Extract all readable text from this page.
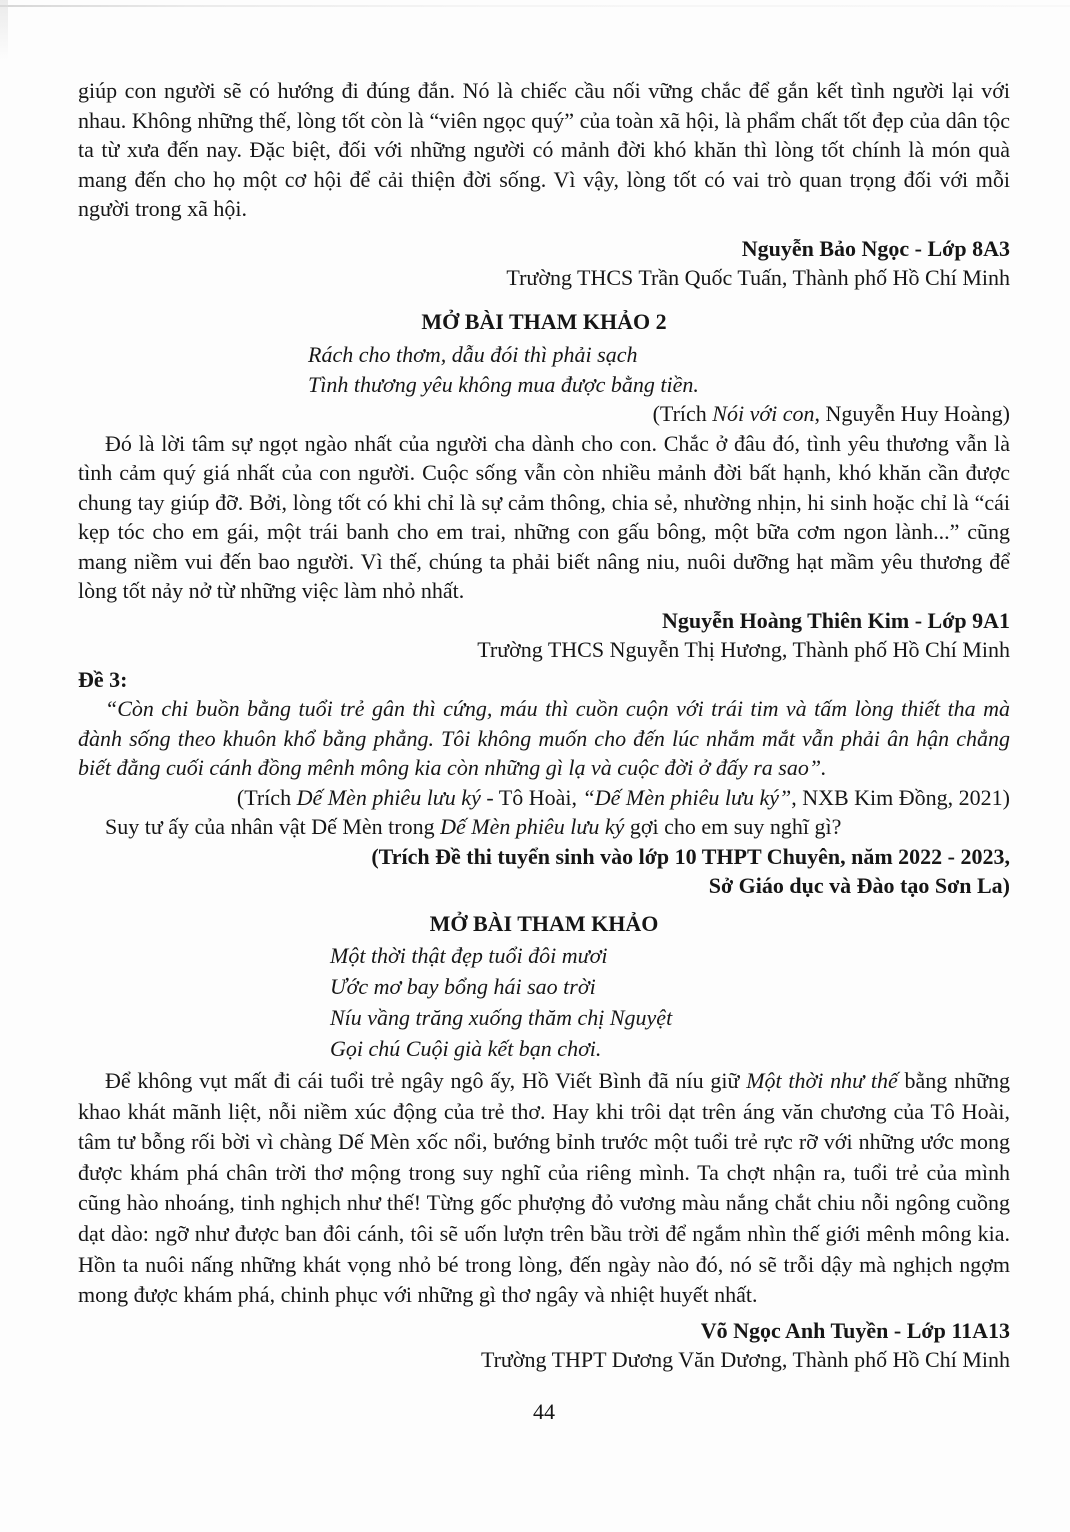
giúp con người sẽ có hướng đi đúng đắn. Nó là chiếc cầu nối vững chắc để gắn kết tình người lại với nhau. Không những thế, lòng tốt còn là “viên ngọc quý” của toàn xã hội, là phẩm chất tốt đẹp của dân tộc ta từ xưa đến nay. Đặc biệt, đối với những người có mảnh đời khó khăn thì lòng tốt chính là món quà mang đến cho họ một cơ hội để cải thiện đời sống. Vì vậy, lòng tốt có vai trò quan trọng đối với mỗi người trong xã hội.
Nguyễn Bảo Ngọc - Lớp 8A3
Trường THCS Trần Quốc Tuấn, Thành phố Hồ Chí Minh
MỞ BÀI THAM KHẢO 2
Rách cho thơm, dẫu đói thì phải sạch
Tình thương yêu không mua được bằng tiền.
(Trích Nói với con, Nguyễn Huy Hoàng)
Đó là lời tâm sự ngọt ngào nhất của người cha dành cho con. Chắc ở đâu đó, tình yêu thương vẫn là tình cảm quý giá nhất của con người. Cuộc sống vẫn còn nhiều mảnh đời bất hạnh, khó khăn cần được chung tay giúp đỡ. Bởi, lòng tốt có khi chỉ là sự cảm thông, chia sẻ, nhường nhịn, hi sinh hoặc chỉ là “cái kẹp tóc cho em gái, một trái banh cho em trai, những con gấu bông, một bữa cơm ngon lành...” cũng mang niềm vui đến bao người. Vì thế, chúng ta phải biết nâng niu, nuôi dưỡng hạt mầm yêu thương để lòng tốt nảy nở từ những việc làm nhỏ nhất.
Nguyễn Hoàng Thiên Kim - Lớp 9A1
Trường THCS Nguyễn Thị Hương, Thành phố Hồ Chí Minh
Đề 3:
“Còn chi buồn bằng tuổi trẻ gân thì cứng, máu thì cuồn cuộn với trái tim và tấm lòng thiết tha mà đành sống theo khuôn khổ bằng phẳng. Tôi không muốn cho đến lúc nhắm mắt vẫn phải ân hận chẳng biết đằng cuối cánh đồng mênh mông kia còn những gì lạ và cuộc đời ở đấy ra sao”.
(Trích Dế Mèn phiêu lưu ký - Tô Hoài, “Dế Mèn phiêu lưu ký”, NXB Kim Đồng, 2021)
Suy tư ấy của nhân vật Dế Mèn trong Dế Mèn phiêu lưu ký gợi cho em suy nghĩ gì?
(Trích Đề thi tuyển sinh vào lớp 10 THPT Chuyên, năm 2022 - 2023,
Sở Giáo dục và Đào tạo Sơn La)
MỞ BÀI THAM KHẢO
Một thời thật đẹp tuổi đôi mươi
Ước mơ bay bổng hái sao trời
Níu vầng trăng xuống thăm chị Nguyệt
Gọi chú Cuội già kết bạn chơi.
Để không vụt mất đi cái tuổi trẻ ngây ngô ấy, Hồ Viết Bình đã níu giữ Một thời như thế bằng những khao khát mãnh liệt, nỗi niềm xúc động của trẻ thơ. Hay khi trôi dạt trên áng văn chương của Tô Hoài, tâm tư bỗng rối bời vì chàng Dế Mèn xốc nổi, bướng bỉnh trước một tuổi trẻ rực rỡ với những ước mong được khám phá chân trời thơ mộng trong suy nghĩ của riêng mình. Ta chợt nhận ra, tuổi trẻ của mình cũng hào nhoáng, tinh nghịch như thế! Từng gốc phượng đỏ vương màu nắng chắt chiu nỗi ngông cuồng dạt dào: ngỡ như được ban đôi cánh, tôi sẽ uốn lượn trên bầu trời để ngắm nhìn thế giới mênh mông kia. Hồn ta nuôi nấng những khát vọng nhỏ bé trong lòng, đến ngày nào đó, nó sẽ trỗi dậy mà nghịch ngợm mong được khám phá, chinh phục với những gì thơ ngây và nhiệt huyết nhất.
Võ Ngọc Anh Tuyền - Lớp 11A13
Trường THPT Dương Văn Dương, Thành phố Hồ Chí Minh
44
